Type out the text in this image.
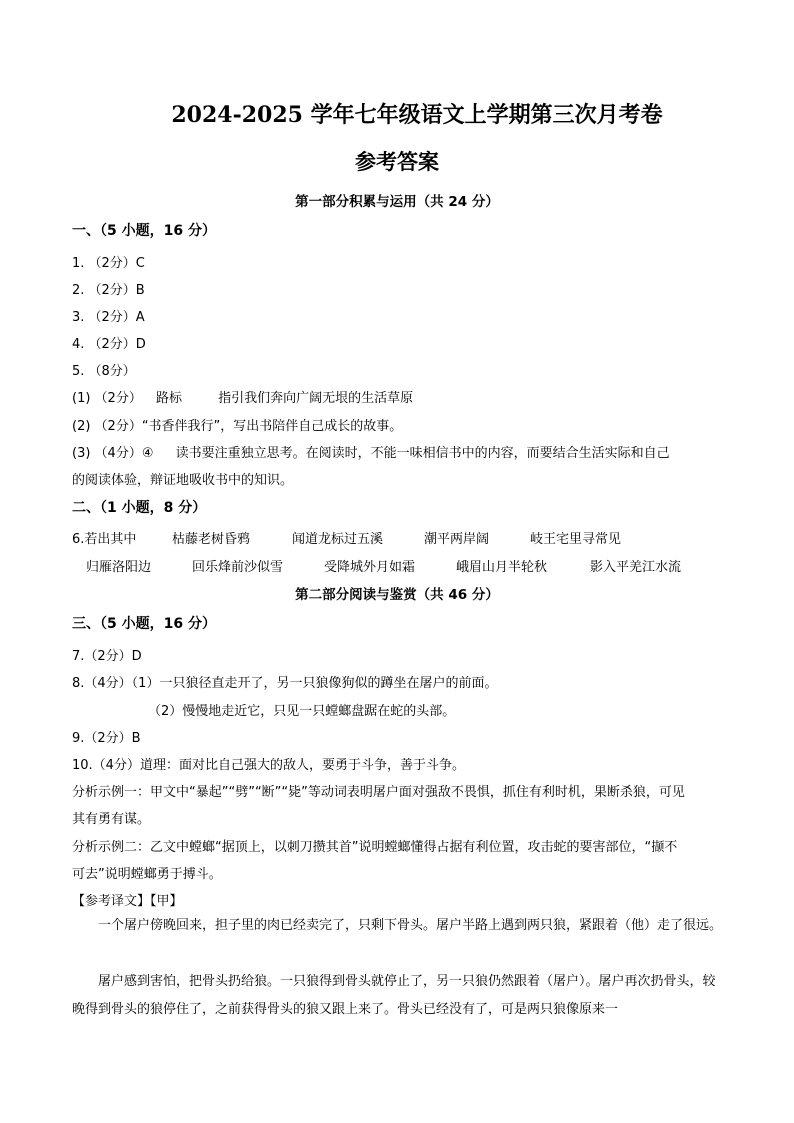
2024-2025 学年七年级语文上学期第三次月考卷
参考答案
第一部分积累与运用（共 24 分）
一、（5 小题，16 分）
1. （2分）C
2. （2分）B
3. （2分）A
4. （2分）D
5. （8分）
(1) （2分） 路标	指引我们奔向广阔无垠的生活草原
(2) （2分）“书香伴我行”，写出书陪伴自己成长的故事。
(3) （4分）④ 读书要注重独立思考。在阅读时，不能一味相信书中的内容，而要结合生活实际和自己
的阅读体验，辩证地吸收书中的知识。
二、（1 小题，8 分）
6.若出其中	枯藤老树昏鸦	闻道龙标过五溪	潮平两岸阔	岐王宅里寻常见
归雁洛阳边	回乐烽前沙似雪	受降城外月如霜	峨眉山月半轮秋	影入平羌江水流
第二部分阅读与鉴赏（共 46 分）
三、（5 小题，16 分）
7.（2分）D
8.（4分）（1）一只狼径直走开了，另一只狼像狗似的蹲坐在屠户的前面。
（2）慢慢地走近它，只见一只螳螂盘踞在蛇的头部。
9.（2分）B
10.（4分）道理：面对比自己强大的敌人，要勇于斗争，善于斗争。
分析示例一：甲文中“暴起”“劈”“断”“毙”等动词表明屠户面对强敌不畏惧，抓住有利时机，果断杀狼，可见
其有勇有谋。
分析示例二：乙文中螳螂“据顶上，以刺刀攒其首”说明螳螂懂得占据有利位置，攻击蛇的要害部位，“撷不
可去”说明螳螂勇于搏斗。
【参考译文】【甲】
一个屠户傍晚回来，担子里的肉已经卖完了，只剩下骨头。屠户半路上遇到两只狼，紧跟着（他）走了很远。
屠户感到害怕，把骨头扔给狼。一只狼得到骨头就停止了，另一只狼仍然跟着（屠户）。屠户再次扔骨头，较晚得到骨头的狼停住了，之前获得骨头的狼又跟上来了。骨头已经没有了，可是两只狼像原来一
